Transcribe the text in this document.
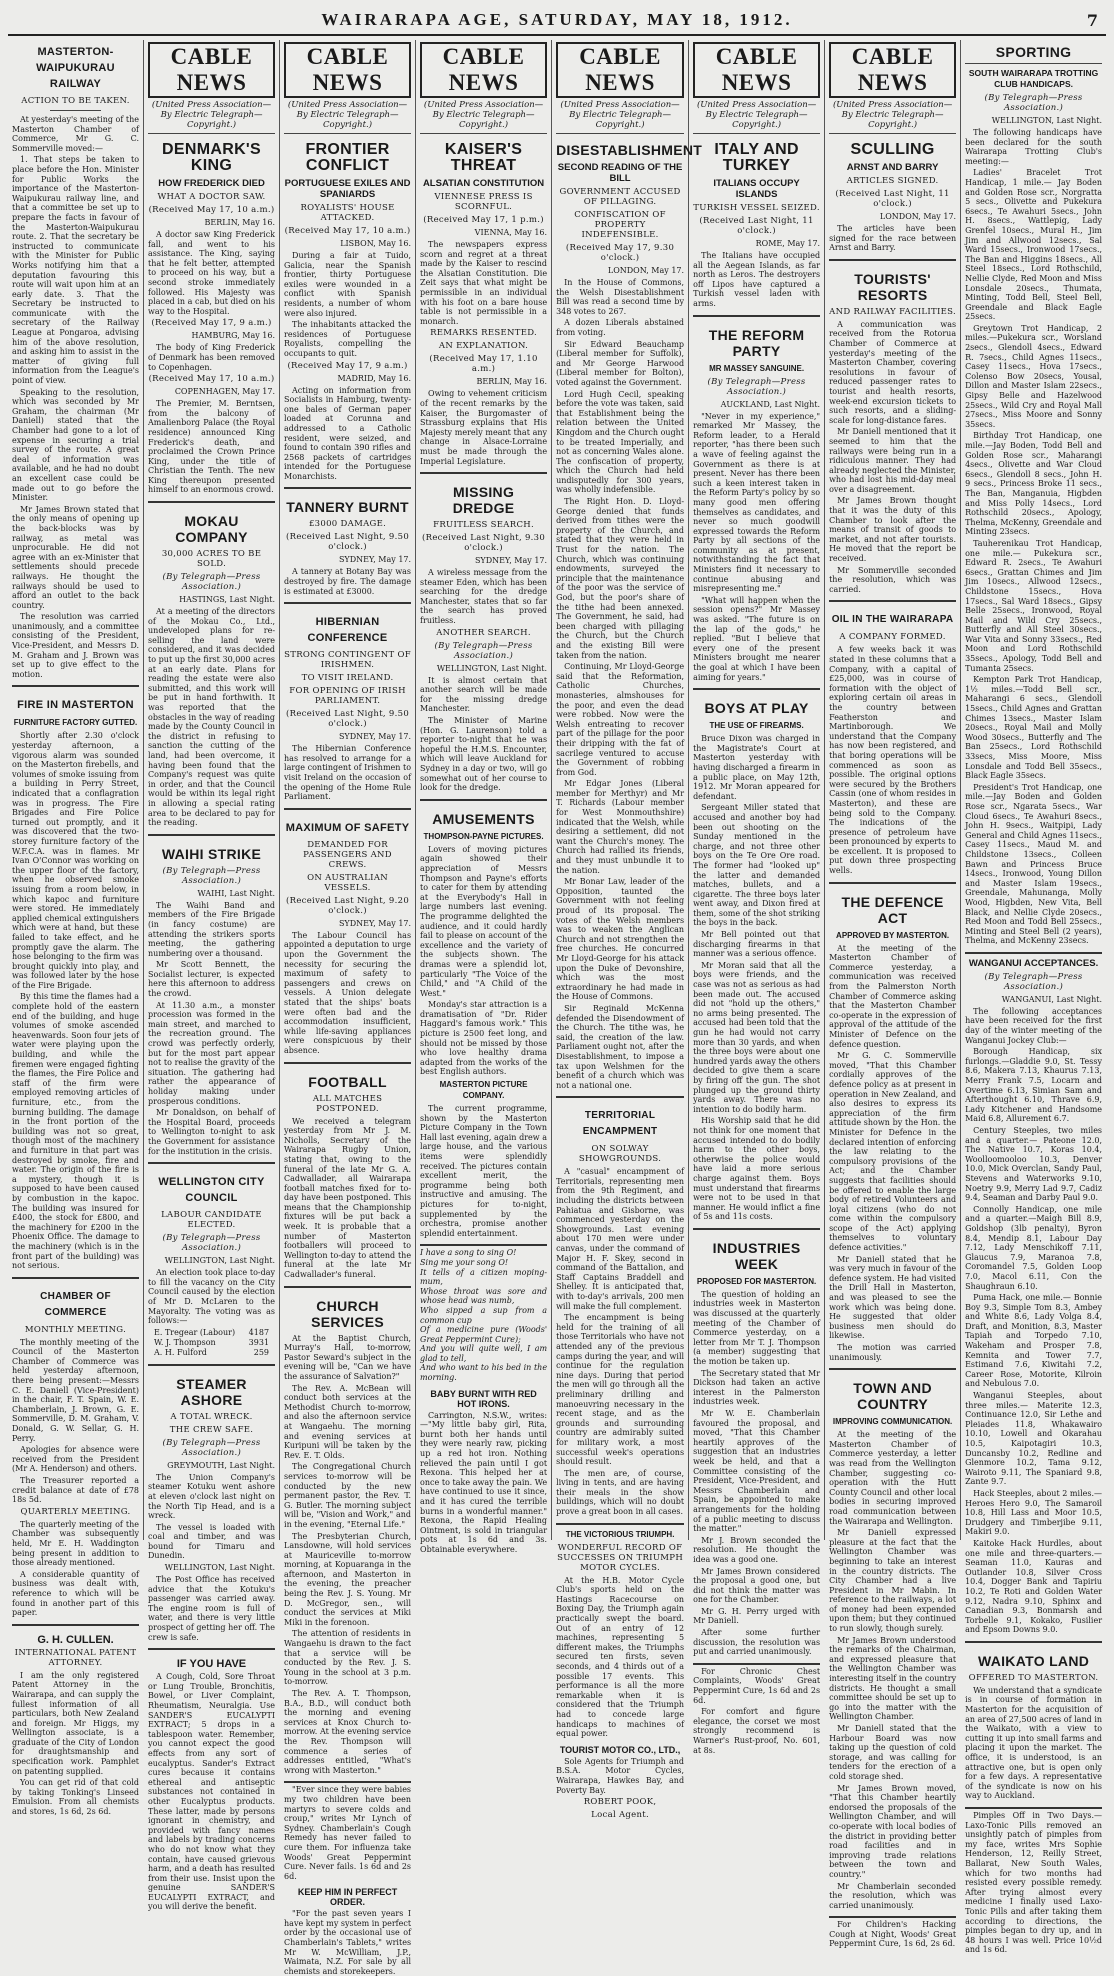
WAIRARAPA AGE, SATURDAY, MAY 18, 1912.	7
MASTERTON-WAIPUKURAU RAILWAY
ACTION TO BE TAKEN.

At yesterday's meeting of the Masterton Chamber of Commerce, Mr G. C. Sommerville moved:—

1. That steps be taken to place before the Hon. Minister for Public Works the importance of the Masterton-Waipukurau railway line, and that a committee be set up to prepare the facts in favour of the Masterton-Waipukurau route. 2. That the secretary be instructed to communicate with the Minister for Public Works notifying him that a deputation favouring this route will wait upon him at an early date. 3. That the Secretary be instructed to communicate with the secretary of the Railway League at Pongaroa, advising him of the above resolution, and asking him to assist in the matter of giving full information from the League's point of view.

Speaking to the resolution, which was seconded by Mr Graham, the chairman (Mr Daniell) stated that the Chamber had gone to a lot of expense in securing a trial survey of the route. A great deal of information was available, and he had no doubt an excellent case could be made out to go before the Minister.

Mr James Brown stated that the only means of opening up the back-blocks was by railway, as metal was unprocurable. He did not agree with an ex-Minister that settlements should precede railways. He thought the railways should be used to afford an outlet to the back country.

The resolution was carried unanimously, and a committee consisting of the President, Vice-President, and Messrs D. M. Graham and J. Brown was set up to give effect to the motion.

FIRE IN MASTERTON
FURNITURE FACTORY GUTTED.

Shortly after 2.30 o'clock yesterday afternoon, a vigorous alarm was sounded on the Masterton firebells, and volumes of smoke issuing from a building in Perry Street, indicated that a conflagration was in progress. The Fire Brigades and Fire Police turned out promptly, and it was discovered that the two-storey furniture factory of the W.F.C.A. was in flames. Mr Ivan O'Connor was working on the upper floor of the factory, when he observed smoke issuing from a room below, in which kapoc and furniture were stored. He immediately applied chemical extinguishers which were at hand, but these failed to take effect, and he promptly gave the alarm. The hose belonging to the firm was brought quickly into play, and was followed later by the hose of the Fire Brigade.

By this time the flames had a complete hold of the eastern end of the building, and huge volumes of smoke ascended heavenwards. Soon four jets of water were playing upon the building, and while the firemen were engaged fighting the flames, the Fire Police and staff of the firm were employed removing articles of furniture, etc., from the burning building. The damage in the front portion of the building was not so great, though most of the machinery and furniture in that part was destroyed by smoke, fire and water. The origin of the fire is a mystery, though it is supposed to have been caused by combustion in the kapoc. The building was insured for £400, the stock for £800, and the machinery for £200 in the Phoenix Office. The damage to the machinery (which is in the front part of the building) was not serious.

CHAMBER OF COMMERCE
MONTHLY MEETING.

The monthly meeting of the Council of the Masterton Chamber of Commerce was held yesterday afternoon, there being present:—Messrs C. E. Daniell (Vice-President) in the chair, F. T. Spain, W. E. Chamberlain, J. Brown, G. E. Sommerville, D. M. Graham, V. Donald, G. W. Sellar, G. H. Perry.

Apologies for absence were received from the President (Mr A. Henderson) and others.

The Treasurer reported a credit balance at date of £78 18s 5d.

QUARTERLY MEETING.

The quarterly meeting of the Chamber was subsequently held, Mr E. H. Waddington being present in addition to those already mentioned.

A considerable quantity of business was dealt with, reference to which will be found in another part of this paper.

G. H. CULLEN.
INTERNATIONAL PATENT ATTORNEY.

I am the only registered Patent Attorney in the Wairarapa, and can supply the fullest information of all particulars, both New Zealand and foreign. Mr Higgs, my Wellington associate, is a graduate of the City of London for draughtsmanship and specification work. Pamphlet on patenting supplied.

You can get rid of that cold by taking Tonking's Linseed Emulsion. From all chemists and stores, 1s 6d, 2s 6d.

CABLE NEWS
(United Press Association—By Electric Telegraph—Copyright.)
DENMARK'S KING
HOW FREDERICK DIED
WHAT A DOCTOR SAW.
(Received May 17, 10 a.m.)
BERLIN, May 16.

A doctor saw King Frederick fall, and went to his assistance. The King, saying that he felt better, attempted to proceed on his way, but a second stroke immediately followed. His Majesty was placed in a cab, but died on his way to the Hospital.

(Received May 17, 9 a.m.)
HAMBURG, May 16.

The body of King Frederick of Denmark has been removed to Copenhagen.

(Received May 17, 10 a.m.)
COPENHAGEN, May 17.

The Premier, M. Berntsen, from the balcony of Amalienborg Palace (the Royal residence) announced King Frederick's death, and proclaimed the Crown Prince King, under the title of Christian the Tenth. The new King thereupon presented himself to an enormous crowd.

MOKAU COMPANY
30,000 ACRES TO BE SOLD.
(By Telegraph—Press Association.)
HASTINGS, Last Night.

At a meeting of the directors of the Mokau Co., Ltd., undeveloped plans for re-selling the land were considered, and it was decided to put up the first 30,000 acres at an early date. Plans for reading the estate were also submitted, and this work will be put in hand forthwith. It was reported that the obstacles in the way of reading made by the County Council in the district in refusing to sanction the cutting of the land, had been overcome, it having been found that the Company's request was quite in order, and that the Council would be within its legal right in allowing a special rating area to be declared to pay for the reading.

WAIHI STRIKE
(By Telegraph—Press Association.)
WAIHI, Last Night.

The Waihi Band and members of the Fire Brigade (in fancy costume) are attending the strikers sports meeting, the gathering numbering over a thousand.

Mr Scott Bennett, the Socialist lecturer, is expected here this afternoon to address the crowd.

At 11.30 a.m., a monster procession was formed in the main street, and marched to the recreation ground. The crowd was perfectly orderly, but for the most part appear not to realise the gravity of the situation. The gathering had rather the appearance of holiday making under prosperous conditions.

Mr Donaldson, on behalf of the Hospital Board, proceeds to Wellington to-night to ask the Government for assistance for the institution in the crisis.

WELLINGTON CITY COUNCIL
LABOUR CANDIDATE ELECTED.
(By Telegraph—Press Association.)
WELLINGTON, Last Night.

An election took place to-day to fill the vacancy on the City Council caused by the election of Mr D. McLaren to the Mayoralty. The voting was as follows:—

E. Tregear (Labour) 4187
W. J. Thompson	3931
A. H. Fulford	259
STEAMER ASHORE
A TOTAL WRECK.
THE CREW SAFE.
(By Telegraph—Press Association.)
GREYMOUTH, Last Night.

The Union Company's steamer Kotuku went ashore at eleven o'clock last night on the North Tip Head, and is a wreck.

The vessel is loaded with coal and timber, and was bound for Timaru and Dunedin.

WELLINGTON, Last Night.

The Post Office has received advice that the Kotuku's passenger was carried away. The engine room is full of water, and there is very little prospect of getting her off. The crew is safe.

IF YOU HAVE

A Cough, Cold, Sore Throat or Lung Trouble, Bronchitis, Bowel, or Liver Complaint, Rheumatism, Neuralgia. Use SANDER'S EUCALYPTI EXTRACT; 5 drops in a tablespoon water. Remember, you cannot expect the good effects from any sort of eucalyptus. Sander's Extract cures because it contains ethereal and antiseptic substances not contained in other Eucalyptus products. These latter, made by persons ignorant in chemistry, and provided with fancy names and labels by trading concerns who do not know what they contain, have caused grievous harm, and a death has resulted from their use. Insist upon the genuine SANDER'S EUCALYPTI EXTRACT, and you will derive the benefit.

CABLE NEWS
(United Press Association—By Electric Telegraph—Copyright.)
FRONTIER CONFLICT
PORTUGUESE EXILES AND SPANIARDS
ROYALISTS' HOUSE ATTACKED.
(Received May 17, 10 a.m.)
LISBON, May 16.

During a fair at Tuido, Galicia, near the Spanish frontier, thirty Portuguese exiles were wounded in a conflict with Spanish residents, a number of whom were also injured.

The inhabitants attacked the residences of Portuguese Royalists, compelling the occupants to quit.

(Received May 17, 9 a.m.)
MADRID, May 16.

Acting on information from Socialists in Hamburg, twenty-one bales of German paper loaded at Corunna and addressed to a Catholic resident, were seized, and found to contain 390 rifles and 2568 packets of cartridges intended for the Portuguese Monarchists.

TANNERY BURNT
£3000 DAMAGE.
(Received Last Night, 9.50 o'clock.)
SYDNEY, May 17.

A tannery at Botany Bay was destroyed by fire. The damage is estimated at £3000.

HIBERNIAN CONFERENCE
STRONG CONTINGENT OF IRISHMEN.
TO VISIT IRELAND.
FOR OPENING OF IRISH PARLIAMENT.
(Received Last Night, 9.50 o'clock.)
SYDNEY, May 17.

The Hibernian Conference has resolved to arrange for a large contingent of Irishmen to visit Ireland on the occasion of the opening of the Home Rule Parliament.

MAXIMUM OF SAFETY
DEMANDED FOR PASSENGERS AND CREWS.
ON AUSTRALIAN VESSELS.
(Received Last Night, 9.20 o'clock.)
SYDNEY, May 17.

The Labour Council has appointed a deputation to urge upon the Government the necessity for securing the maximum of safety to passengers and crews on vessels. A Union delegate stated that the ships' boats were often bad and the accommodation insufficient, while life-saving appliances were conspicuous by their absence.

FOOTBALL
ALL MATCHES POSTPONED.

We received a telegram yesterday from Mr J. M. Nicholls, Secretary of the Wairarapa Rugby Union, stating that, owing to the funeral of the late Mr G. A. Cadwallader, all Wairarapa football matches fixed for to-day have been postponed. This means that the Championship fixtures will be put back a week. It is probable that a number of Masterton footballers will proceed to Wellington to-day to attend the funeral at the late Mr Cadwallader's funeral.

CHURCH SERVICES

At the Baptist Church, Murray's Hall, to-morrow, Pastor Seward's subject in the evening will be, "Can we have the assurance of Salvation?"

The Rev. A. McBean will conduct both services at the Methodist Church to-morrow, and also the afternoon service at Wangaehu. The morning and evening services at Kuripuni will be taken by the Rev. E. T. Olds.

The Congregational Church services to-morrow will be conducted by the new permanent pastor, the Rev. T. G. Butler. The morning subject will be, "Vision and Work," and in the evening, "Eternal Life."

The Presbyterian Church, Lansdowne, will hold services at Mauriceville to-morrow morning, at Kopuaranga in the afternoon, and Masterton in the evening, the preacher being the Rev. J. S. Young. Mr D. McGregor, sen., will conduct the services at Miki Miki in the forenoon.

The attention of residents in Wangaehu is drawn to the fact that a service will be conducted by the Rev. J. S. Young in the school at 3 p.m. to-morrow.

The Rev. A. T. Thompson, B.A., B.D., will conduct both the morning and evening services at Knox Church to-morrow. At the evening service the Rev. Thompson will commence a series of addresses entitled, "What's wrong with Masterton."

"Ever since they were babies my two children have been martyrs to severe colds and croup," writes Mr Lynch of Sydney. Chamberlain's Cough Remedy has never failed to cure them. For influenza take Woods' Great Peppermint Cure. Never fails. 1s 6d and 2s 6d.

KEEP HIM IN PERFECT ORDER.

"For the past seven years I have kept my system in perfect order by the occasional use of Chamberlain's Tablets," writes Mr W. McWilliam, J.P., Waimata, N.Z. For sale by all chemists and storekeepers.

CABLE NEWS
(United Press Association—By Electric Telegraph—Copyright.)
KAISER'S THREAT
ALSATIAN CONSTITUTION
VIENNESE PRESS IS SCORNFUL.
(Received May 17, 1 p.m.)
VIENNA, May 16.

The newspapers express scorn and regret at a threat made by the Kaiser to rescind the Alsatian Constitution. Die Zeit says that what might be permissible in an individual with his foot on a bare house table is not permissible in a monarch.

REMARKS RESENTED.
AN EXPLANATION.
(Received May 17, 1.10 a.m.)
BERLIN, May 16.

Owing to vehement criticism of the recent remarks by the Kaiser, the Burgomaster of Strassburg explains that His Majesty merely meant that any change in Alsace-Lorraine must be made through the Imperial Legislature.

MISSING DREDGE
FRUITLESS SEARCH.
(Received Last Night, 9.30 o'clock.)
SYDNEY, May 17.

A wireless message from the steamer Eden, which has been searching for the dredge Manchester, states that so far the search has proved fruitless.

ANOTHER SEARCH.
(By Telegraph—Press Association.)
WELLINGTON, Last Night.

It is almost certain that another search will be made for the missing dredge Manchester.

The Minister of Marine (Hon. G. Laurenson) told a reporter to-night that he was hopeful the H.M.S. Encounter, which will leave Auckland for Sydney in a day or two, will go somewhat out of her course to look for the dredge.

AMUSEMENTS
THOMPSON-PAYNE PICTURES.

Lovers of moving pictures again showed their appreciation of Messrs Thompson and Payne's efforts to cater for them by attending at the Everybody's Hall in large numbers last evening. The programme delighted the audience, and it could hardly fail to please on account of the excellence and the variety of the subjects shown. The dramas were a splendid lot, particularly "The Voice of the Child," and "A Child of the West."

Monday's star attraction is a dramatisation of "Dr. Rider Haggard's famous work." This picture is 2500 feet long, and should not be missed by those who love healthy drama adapted from the works of the best English authors.

MASTERTON PICTURE COMPANY.

The current programme, shown by the Masterton Picture Company in the Town Hall last evening, again drew a large house, and the various items were splendidly received. The pictures contain excellent merit, the programme being both instructive and amusing. The pictures for to-night, supplemented by the orchestra, promise another splendid entertainment.

I have a song to sing O!
Sing me your song O!
It tells of a citizen moping-mum,
Whose throat was sore and whose head was numb,
Who sipped a sup from a common cup
Of a medicine pure (Woods' Great Peppermint Cure);
And you will quite well, I am glad to tell,
And who want to his bed in the morning.

BABY BURNT WITH RED HOT IRONS.

Carrington, N.S.W., writes:—"My little baby girl, Rita, burnt both her hands until they were nearly raw, picking up a red hot iron. Nothing relieved the pain until I got Rexona. This helped her at once to take away the pain. We have continued to use it since, and it has cured the terrible burns in a wonderful manner." Rexona, the Rapid Healing Ointment, is sold in triangular pots at 1s 6d and 3s. Obtainable everywhere.

CABLE NEWS
(United Press Association—By Electric Telegraph—Copyright.)
DISESTABLISHMENT
SECOND READING OF THE BILL
GOVERNMENT ACCUSED OF PILLAGING.
CONFISCATION OF PROPERTY INDEFENSIBLE.
(Received May 17, 9.30 o'clock.)
LONDON, May 17.

In the House of Commons, the Welsh Disestablishment Bill was read a second time by 348 votes to 267.

A dozen Liberals abstained from voting.

Sir Edward Beauchamp (Liberal member for Suffolk), and Mr George Harwood (Liberal member for Bolton), voted against the Government.

Lord Hugh Cecil, speaking before the vote was taken, said that Establishment being the relation between the United Kingdom and the Church ought to be treated Imperially, and not as concerning Wales alone. The confiscation of property, which the Church had held undisputedly for 300 years, was wholly indefensible.

The Right Hon. D. Lloyd-George denied that funds derived from tithes were the property of the Church, and stated that they were held in Trust for the nation. The Church, which was continuing endowments, surveyed the principle that the maintenance of the poor was the service of God, but the poor's share of the tithe had been annexed. The Government, he said, had been charged with pillaging the Church, but the Church and the existing Bill were taken from the nation.

Continuing, Mr Lloyd-George said that the Reformation, Catholic Churches, monasteries, almshouses for the poor, and even the dead were robbed. Now were the Welsh entreating to recover part of the pillage for the poor their dripping with the fat of sacrilege ventured to accuse the Government of robbing from God.

Mr Edgar Jones (Liberal member for Merthyr) and Mr T. Richards (Labour member for West Monmouthshire) indicated that the Welsh, while desiring a settlement, did not want the Church's money. The Church had rallied its friends, and they must unbundle it to the nation.

Mr Bonar Law, leader of the Opposition, taunted the Government with not feeling proud of its proposal. The votes of the Welsh members was to weaken the Anglican Church and not strengthen the free churches. He concurred Mr Lloyd-George for his attack upon the Duke of Devonshire, which was the most extraordinary he had made in the House of Commons.

Sir Reginald McKenna defended the Disendowment of the Church. The tithe was, he said, the creation of the law. Parliament ought not, after the Disestablishment, to impose a tax upon Welshmen for the benefit of a church which was not a national one.

TERRITORIAL ENCAMPMENT
ON SOLWAY SHOWGROUNDS.

A "casual" encampment of Territorials, representing men from the 9th Regiment, and including the districts between Pahiatua and Gisborne, was commenced yesterday on the Showgrounds. Last evening about 170 men were under canvas, under the command of Major H. F. Skey, second in command of the Battalion, and Staff Captains Braddell and Shelley. It is anticipated that, with to-day's arrivals, 200 men will make the full complement.

The encampment is being held for the training of all those Territorials who have not attended any of the previous camps during the year, and will continue for the regulation nine days. During that period the men will go through all the preliminary drilling and manoeuvring necessary in the recent stage, and as the grounds and surrounding country are admirably suited for military work, a most successful week's operations should result.

The men are, of course, living in tents, and are having their meals in the show buildings, which will no doubt prove a great boon in all cases.

THE VICTORIOUS TRIUMPH.
WONDERFUL RECORD OF SUCCESSES ON TRIUMPH MOTOR CYCLES.

At the H.B. Motor Cycle Club's sports held on the Hastings Racecourse on Boxing Day, the Triumph again practically swept the board. Out of an entry of 12 machines, representing 5 different makes, the Triumphs secured ten firsts, seven seconds, and 4 thirds out of a possible 17 events. This performance is all the more remarkable when it is considered that the Triumph had to concede large handicaps to machines of equal power.

TOURIST MOTOR CO., LTD.,

Sole Agents for Triumph and B.S.A. Motor Cycles, Wairarapa, Hawkes Bay, and Poverty Bay.

ROBERT POOK,
Local Agent.
CABLE NEWS
(United Press Association—By Electric Telegraph—Copyright.)
ITALY AND TURKEY
ITALIANS OCCUPY ISLANDS
TURKISH VESSEL SEIZED.
(Received Last Night, 11 o'clock.)
ROME, May 17.

The Italians have occupied all the Aegean Islands, as far north as Leros. The destroyers off Lipos have captured a Turkish vessel laden with arms.

THE REFORM PARTY
MR MASSEY SANGUINE.
(By Telegraph—Press Association.)
AUCKLAND, Last Night.

"Never in my experience," remarked Mr Massey, the Reform leader, to a Herald reporter, "has there been such a wave of feeling against the Government as there is at present. Never has there been such a keen interest taken in the Reform Party's policy by so many good men offering themselves as candidates, and never so much goodwill expressed towards the Reform Party by all sections of the community as at present, notwithstanding the fact that Ministers find it necessary to continue abusing and misrepresenting me."

"What will happen when the session opens?" Mr Massey was asked. "The future is on the lap of the gods," he replied. "But I believe that every one of the present Ministers brought me nearer the goal at which I have been aiming for years."

BOYS AT PLAY
THE USE OF FIREARMS.

Bruce Dixon was charged in the Magistrate's Court at Masterton yesterday with having discharged a firearm in a public place, on May 12th, 1912. Mr Moran appeared for defendant.

Sergeant Miller stated that accused and another boy had been out shooting on the Sunday mentioned in the charge, and not three other boys on the Te Ore Ore road. The former had "looked up" the latter and demanded matches, bullets, and a cigarette. The three boys later went away, and Dixon fired at them, some of the shot striking the boys in the back.

Mr Bell pointed out that discharging firearms in that manner was a serious offence.

Mr Moran said that all the boys were friends, and the case was not as serious as had been made out. The accused did not "hold up the others," no arms being presented. The accused had been told that the gun he had would not carry more than 30 yards, and when the three boys were about one hundred yards away the others decided to give them a scare by firing off the gun. The shot plunged up the ground thirty yards away. There was no intention to do bodily harm.

His Worship said that he did not think for one moment that accused intended to do bodily harm to the other boys, otherwise the police would have laid a more serious charge against them. Boys must understand that firearms were not to be used in that manner. He would inflict a fine of 5s and 11s costs.

INDUSTRIES WEEK
PROPOSED FOR MASTERTON.

The question of holding an industries week in Masterton was discussed at the quarterly meeting of the Chamber of Commerce yesterday, on a letter from Mr T. J. Thompson (a member) suggesting that the motion be taken up.

The Secretary stated that Mr Dickson had taken an active interest in the Palmerston industries week.

Mr W. E. Chamberlain favoured the proposal, and moved, "That this Chamber heartily approves of the suggestion that an industries week be held, and that a Committee consisting of the President, Vice-President, and Messrs Chamberlain and Spain, be appointed to make arrangements for the holding of a public meeting to discuss the matter."

Mr J. Brown seconded the resolution. He thought the idea was a good one.

Mr James Brown considered the proposal a good one, but did not think the matter was one for the Chamber.

Mr G. H. Perry urged with Mr Daniell.

After some further discussion, the resolution was put and carried unanimously.

For Chronic Chest Complaints, Woods' Great Peppermint Cure, 1s 6d and 2s 6d.

For comfort and figure elegance, the corset we most strongly recommend is Warner's Rust-proof, No. 601, at 8s.

CABLE NEWS
(United Press Association—By Electric Telegraph—Copyright.)
SCULLING
ARNST AND BARRY
ARTICLES SIGNED.
(Received Last Night, 11 o'clock.)
LONDON, May 17.

The articles have been signed for the race between Arnst and Barry.

TOURISTS' RESORTS
AND RAILWAY FACILITIES.

A communication was received from the Rotorua Chamber of Commerce at yesterday's meeting of the Masterton Chamber, covering resolutions in favour of reduced passenger rates to tourist and health resorts, week-end excursion tickets to such resorts, and a sliding-scale for long-distance fares.

Mr Daniell mentioned that it seemed to him that the railways were being run in a ridiculous manner. They had already neglected the Minister, who had lost his mid-day meal over a disagreement.

Mr James Brown thought that it was the duty of this Chamber to look after the means of transit of goods to market, and not after tourists. He moved that the report be received.

Mr Sommerville seconded the resolution, which was carried.

OIL IN THE WAIRARAPA
A COMPANY FORMED.

A few weeks back it was stated in these columns that a Company, with a capital of £25,000, was in course of formation with the object of exploring certain oil areas in the country between Featherston and Martinborough. We understand that the Company has now been registered, and that boring operations will be commenced as soon as possible. The original options were secured by the Brothers Cassin (one of whom resides in Masterton), and these are being sold to the Company. The indications of the presence of petroleum have been pronounced by experts to be excellent. It is proposed to put down three prospecting wells.

THE DEFENCE ACT
APPROVED BY MASTERTON.

At the meeting of the Masterton Chamber of Commerce yesterday, a communication was received from the Palmerston North Chamber of Commerce asking that the Masterton Chamber co-operate in the expression of approval of the attitude of the Minister of Defence on the defence question.

Mr G. C. Sommerville moved, "That this Chamber cordially approves of the defence policy as at present in operation in New Zealand, and also desires to express its appreciation of the firm attitude shown by the Hon. the Minister for Defence in the declared intention of enforcing the law relating to the compulsory provisions of the Act; and the Chamber suggests that facilities should be offered to enable the large body of retired Volunteers and loyal citizens (who do not come within the compulsory scope of the Act) applying themselves to voluntary defence activities."

Mr Daniell stated that he was very much in favour of the defence system. He had visited the Drill Hall in Masterton, and was pleased to see the work which was being done. He suggested that older business men should do likewise.

The motion was carried unanimously.

TOWN AND COUNTRY
IMPROVING COMMUNICATION.

At the meeting of the Masterton Chamber of Commerce yesterday, a letter was read from the Wellington Chamber, suggesting co-operation with the Hutt County Council and other local bodies in securing improved road communication between the Wairarapa and Wellington.

Mr Daniell expressed pleasure at the fact that the Wellington Chamber was beginning to take an interest in the country districts. The City Chamber had a live President in Mr Mabin. In reference to the railways, a lot of money had been expended upon them; but they continued to run slowly, though surely.

Mr James Brown understood the remarks of the Chairman, and expressed pleasure that the Wellington Chamber was interesting itself in the country districts. He thought a small committee should be set up to go into the matter with the Wellington Chamber.

Mr Daniell stated that the Harbour Board was now taking up the question of cold storage, and was calling for tenders for the erection of a cold storage shed.

Mr James Brown moved, "That this Chamber heartily endorsed the proposals of the Wellington Chamber, and will co-operate with local bodies of the district in providing better road facilities and in improving trade relations between the town and country."

Mr Chamberlain seconded the resolution, which was carried unanimously.

For Children's Hacking Cough at Night, Woods' Great Peppermint Cure, 1s 6d, 2s 6d.

SPORTING
SOUTH WAIRARAPA TROTTING CLUB HANDICAPS.
(By Telegraph—Press Association.)
WELLINGTON, Last Night.

The following handicaps have been declared for the south Wairarapa Trotting Club's meeting:—

Ladies' Bracelet Trot Handicap, 1 mile.— Jay Boden and Golden Rose scr., Norgratta 5 secs., Olivette and Pukekura 6secs., Te Awahuri 5secs., John H. 8secs., Wattlepig, Lady Grenfel 10secs., Mural H., Jim Jim and Allwood 12secs., Sal Ward 15secs., Ironwood 17secs., The Ban and Higgins 18secs., All Steel 18secs., Lord Rothschild, Nellie Clyde, Red Moon and Miss Lonsdale 20secs., Thumata, Minting, Todd Bell, Steel Bell, Greendale and Black Eagle 25secs.

Greytown Trot Handicap, 2 miles.—Pukekura scr., Worsland 2secs., Glendoll 4secs., Edward R. 7secs., Child Agnes 11secs., Casey 11secs., Hova 17secs., Colenso Bow 20secs, Yousal, Dillon and Master Islam 22secs., Gipsy Belle and Hazelwood 25secs., Wild Cry and Royal Mall 27secs., Miss Moore and Sonny 35secs.

Birthday Trot Handicap, one mile.—Jay Boden, Todd Bell and Golden Rose scr., Maharangi 4secs., Olivette and War Cloud 6secs., Glendoll 8 secs., John H. 9 secs., Princess Broke 11 secs., The Ban, Manganuia, Higbden and Miss Polly 14secs., Lord Rothschild 20secs., Apology, Thelma, McKenny, Greendale and Minting 23secs.

Tauherenikau Trot Handicap, one mile.— Pukekura scr., Edward R. 2secs., Te Awahuri 6secs., Grattan Chimes and Jim Jim 10secs., Allwood 12secs., Childstone 15secs., Hova 17secs., Sal Ward 18secs., Gipsy Belle 25secs., Ironwood, Royal Mail and Wild Cry 25secs., Butterfly and All Steel 30secs., War Vita and Sonny 33secs., Red Moon and Lord Rothschild 35secs., Apology, Todd Bell and Tumanta 25secs.

Kempton Park Trot Handicap, 1½ miles.—Todd Bell scr., Maharangi 6 secs., Glendoll 15secs., Child Agnes and Grattan Chimes 13secs., Master Islam 20secs., Royal Mail and Molly Wood 30secs., Butterfly and The Ban 25secs., Lord Rothschild 33secs, Miss Moore, Miss Lonsdale and Todd Bell 35secs., Black Eagle 35secs.

President's Trot Handicap, one mile.—Jay Boden and Golden Rose scr., Ngarata 5secs., War Cloud 6secs., Te Awahuri 8secs., John H. 9secs., Waitpipi, Lady General and Child Agnes 11secs., Casey 11secs., Maud M. and Childstone 13secs., Colleen Bawn and Princess Bruce 14secs., Ironwood, Young Dillon and Master Islam 19secs., Greendale, Mahunanga, Molly Wood, Higbden, New Vita, Bell Black, and Nellie Clyde 20secs., Red Moon and Todd Bell 25secs., Minting and Steel Bell (2 years), Thelma, and McKenny 23secs.

WANGANUI ACCEPTANCES.
(By Telegraph—Press Association.)
WANGANUI, Last Night.

The following acceptances have been received for the first day of the winter meeting of the Wanganui Jockey Club:—

Borough Handicap, six furlongs.—Gladdie 9.0, St. Tessy 8.6, Makera 7.13, Khaurus 7.13, Merry Frank 7.5, Locarn and Overtime 6.13, Simian Sam and Afterthought 6.10, Thrave 6.9, Lady Kitchener and Handsome Maid 6.8, Allurement 6.7.

Century Steeples, two miles and a quarter.— Pateone 12.0, The Native 10.7, Koras 10.4, Woolloomooloo 10.3, Denver 10.0, Mick Overclan, Sandy Paul, Stevens and Waterworks 9.10, Noetry 9.9, Merry Lad 9.7, Cadiz 9.4, Seaman and Darby Paul 9.0.

Connolly Handicap, one mile and a quarter.—Maigh Bill 8.9, Goldshop (3lb penalty), Byron 8.4, Mendip 8.1, Labour Day 7.12, Lady Menschikoff 7.11, Glaucus 7.9, Maranoa 7.8, Coromandel 7.5, Golden Loop 7.0, Macol 6.11, Con the Shaughraun 6.10.

Puma Hack, one mile.— Bonnie Boy 9.3, Simple Tom 8.3, Ambey and White 8.6, Lady Volga 8.4, Draft, and Monition, 8.3, Master Tapiah and Torpedo 7.10, Wakeham and Prosper 7.8, Kemnita and Tower 7.7, Estimand 7.6, Kiwitahi 7.2, Career Rose, Motorite, Kilroin and Nebulous 7.0.

Wanganui Steeples, about three miles.— Materite 12.3, Continuance 12.0, Sir Lethe and Pleiades 11.8, Whakawairo 10.10, Lowell and Okarahau 10.5, Kaipotagiri 10.3, Duncansby 10.2, Redline and Glenmore 10.2, Tama 9.12, Wairoto 9.11, The Spaniard 9.8, Zante 9.7.

Hack Steeples, about 2 miles.—Heroes Hero 9.0, The Samaroil 10.8, Hill Lass and Moor 10.5, Drudgery and Timberjibe 9.11, Makiri 9.0.

Kaitoke Hack Hurdles, about one mile and three-quarters.— Seaman 11.0, Kauras and Outlander 10.8, Silver Cross 10.4, Dogger Bank and Tapiriu 10.2, Te Roti and Golden Water 9.12, Nadra 9.10, Sphinx and Canadian 9.3, Bonmarsh and Torbelle 9.1, Kokako, Fusilier and Epsom Downs 9.0.

WAIKATO LAND
OFFERED TO MASTERTON.

We understand that a syndicate is in course of formation in Masterton for the acquisition of an area of 27,500 acres of land in the Waikato, with a view to cutting it up into small farms and placing it upon the market. The office, it is understood, is an attractive one, but is open only for a few days. A representative of the syndicate is now on his way to Auckland.

Pimples Off in Two Days.—Laxo-Tonic Pills removed an unsightly patch of pimples from my face, writes Mrs Sophie Henderson, 12, Reilly Street, Ballarat, New South Wales, which for two months had resisted every possible remedy. After trying almost every medicine I finally used Laxo-Tonic Pills and after taking them according to directions, the pimples began to dry up, and in 48 hours I was well. Price 10½d and 1s 6d.
